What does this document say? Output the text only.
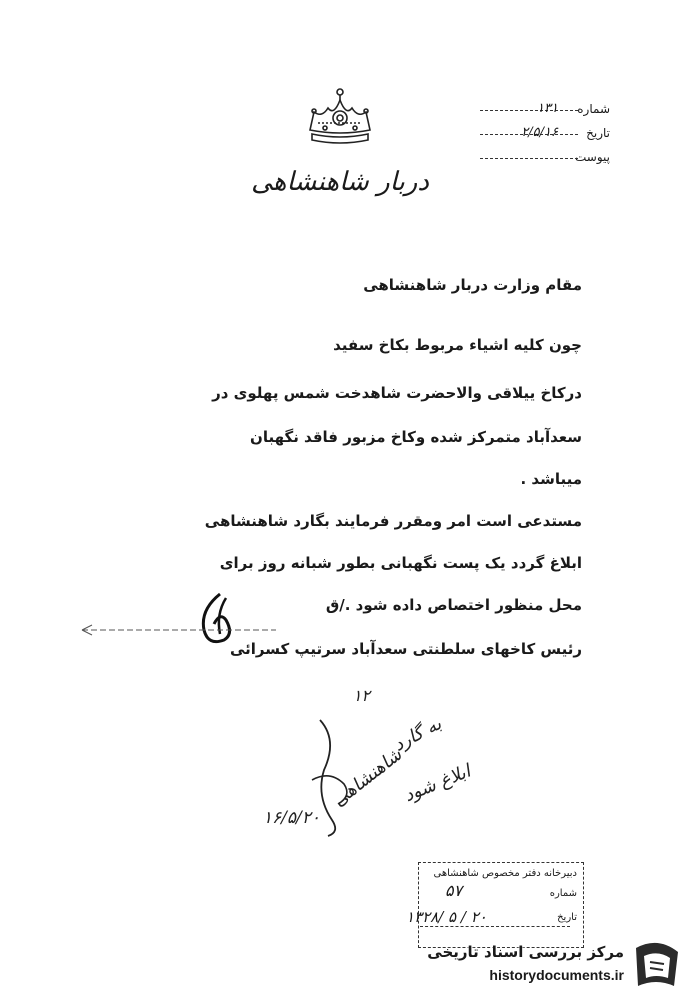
دربار شاهنشاهی
شماره
۱۳۱
تاریخ
۲/۵/۱۶
پیوست
مقام وزارت دربار شاهنشاهی
چون کلیه اشیاء مربوط بکاخ سفید
درکاخ ییلاقی والاحضرت شاهدخت شمس پهلوی در
سعدآباد متمرکز شده وکاخ مزبور فاقد نگهبان
میباشد .
مستدعی است امر ومقرر فرمایند بگارد شاهنشاهی
ابلاغ گردد یک پست نگهبانی بطور شبانه روز برای
محل منظور اختصاص داده شود ./ق
رئیس کاخهای سلطنتی سعدآباد سرتیپ کسرائی
۱۲
به گارد
شاهنشاهی
ابلاغ شود
۱۶/۵/۲۰
دبیرخانه دفتر مخصوص شاهنشاهی
شماره
۵۷
تاریخ
۱۳۲۸/ ۵ / ۲۰
مرکز بررسی اسناد تاریخی
historydocuments.ir
